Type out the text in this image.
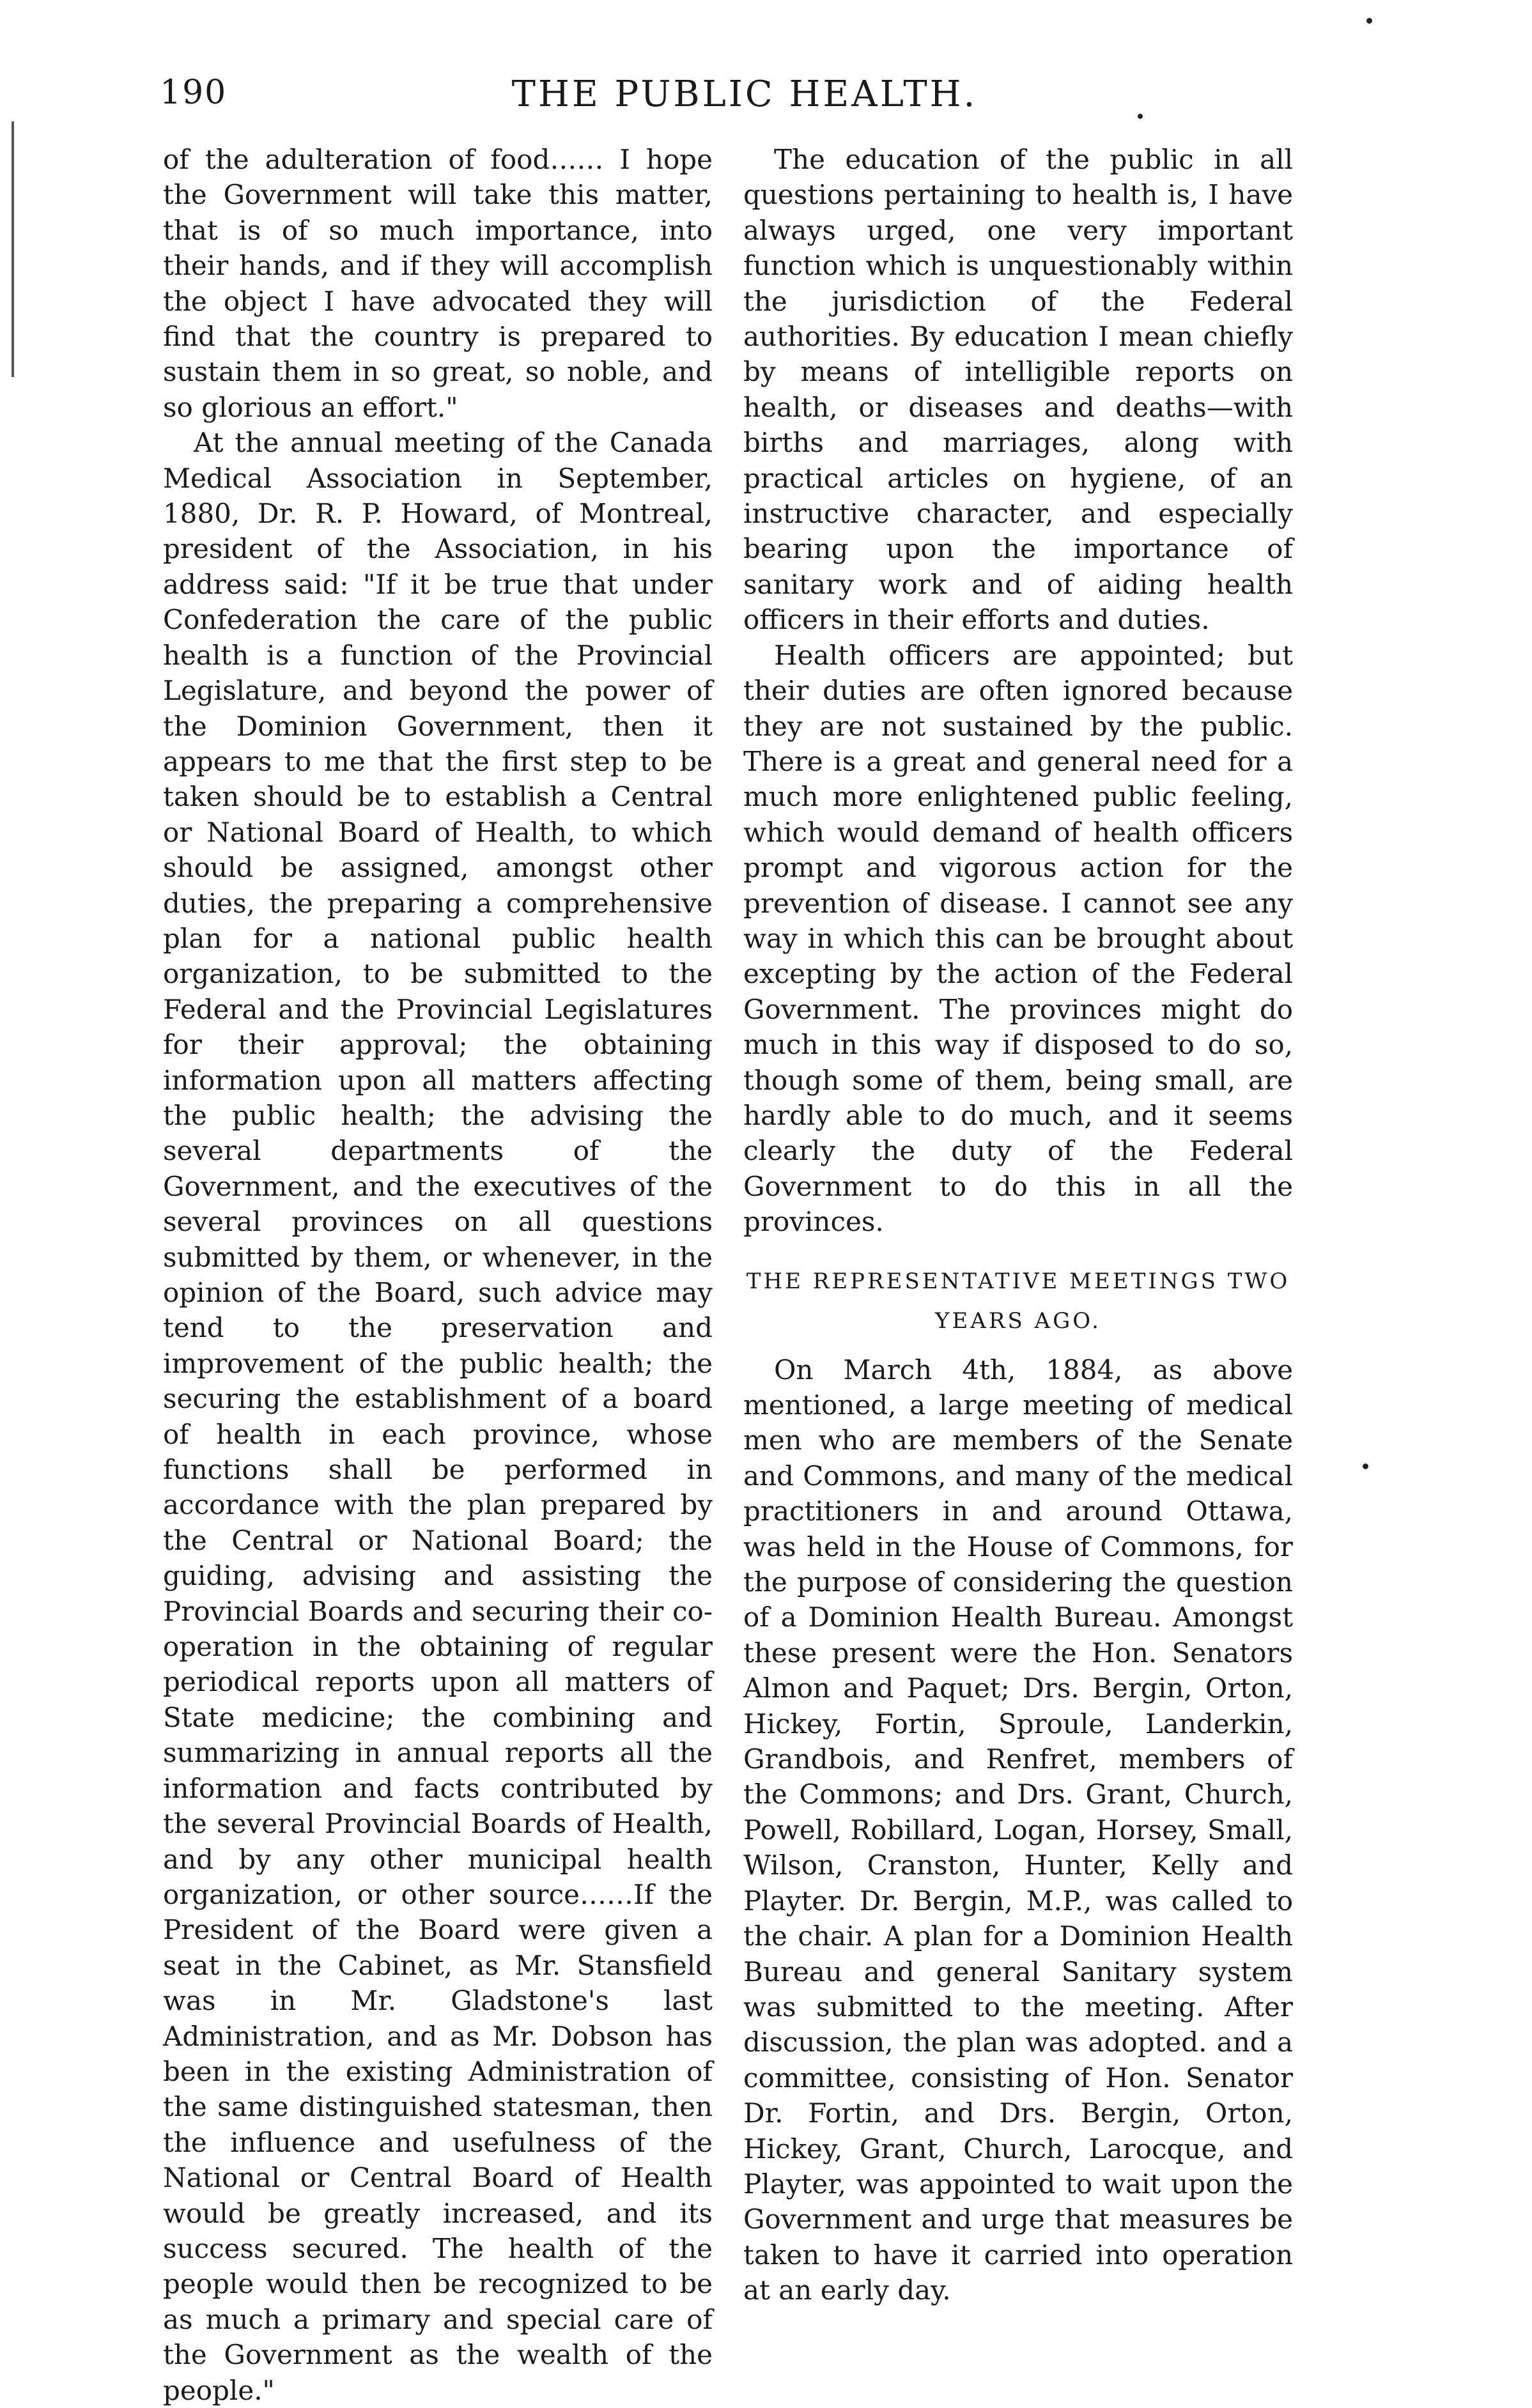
190	THE PUBLIC HEALTH.

of the adulteration of food…… I hope the Government will take this matter, that is of so much importance, into their hands, and if they will accomplish the object I have advocated they will find that the country is prepared to sustain them in so great, so noble, and so glorious an effort."

At the annual meeting of the Canada Medical Association in September, 1880, Dr. R. P. Howard, of Montreal, president of the Association, in his address said: "If it be true that under Confederation the care of the public health is a function of the Provincial Legislature, and beyond the power of the Dominion Government, then it appears to me that the first step to be taken should be to establish a Central or National Board of Health, to which should be assigned, amongst other duties, the preparing a comprehensive plan for a national public health organization, to be submitted to the Federal and the Provincial Legislatures for their approval; the obtaining information upon all matters affecting the public health; the advising the several departments of the Government, and the executives of the several provinces on all questions submitted by them, or whenever, in the opinion of the Board, such advice may tend to the preservation and improvement of the public health; the securing the establishment of a board of health in each province, whose functions shall be performed in accordance with the plan prepared by the Central or National Board; the guiding, advising and assisting the Provincial Boards and securing their co-operation in the obtaining of regular periodical reports upon all matters of State medicine; the combining and summarizing in annual reports all the information and facts contributed by the several Provincial Boards of Health, and by any other municipal health organization, or other source……If the President of the Board were given a seat in the Cabinet, as Mr. Stansfield was in Mr. Gladstone's last Administration, and as Mr. Dobson has been in the existing Administration of the same distinguished statesman, then the influence and usefulness of the National or Central Board of Health would be greatly increased, and its success secured. The health of the people would then be recognized to be as much a primary and special care of the Government as the wealth of the people."

The education of the public in all questions pertaining to health is, I have always urged, one very important function which is unquestionably within the jurisdiction of the Federal authorities. By education I mean chiefly by means of intelligible reports on health, or diseases and deaths—with births and marriages, along with practical articles on hygiene, of an instructive character, and especially bearing upon the importance of sanitary work and of aiding health officers in their efforts and duties.

Health officers are appointed; but their duties are often ignored because they are not sustained by the public. There is a great and general need for a much more enlightened public feeling, which would demand of health officers prompt and vigorous action for the prevention of disease. I cannot see any way in which this can be brought about excepting by the action of the Federal Government. The provinces might do much in this way if disposed to do so, though some of them, being small, are hardly able to do much, and it seems clearly the duty of the Federal Government to do this in all the provinces.

THE REPRESENTATIVE MEETINGS TWO
YEARS AGO.

On March 4th, 1884, as above mentioned, a large meeting of medical men who are members of the Senate and Commons, and many of the medical practitioners in and around Ottawa, was held in the House of Commons, for the purpose of considering the question of a Dominion Health Bureau. Amongst these present were the Hon. Senators Almon and Paquet; Drs. Bergin, Orton, Hickey, Fortin, Sproule, Landerkin, Grandbois, and Renfret, members of the Commons; and Drs. Grant, Church, Powell, Robillard, Logan, Horsey, Small, Wilson, Cranston, Hunter, Kelly and Playter. Dr. Bergin, M.P., was called to the chair. A plan for a Dominion Health Bureau and general Sanitary system was submitted to the meeting. After discussion, the plan was adopted. and a committee, consisting of Hon. Senator Dr. Fortin, and Drs. Bergin, Orton, Hickey, Grant, Church, Larocque, and Playter, was appointed to wait upon the Government and urge that measures be taken to have it carried into operation at an early day.
